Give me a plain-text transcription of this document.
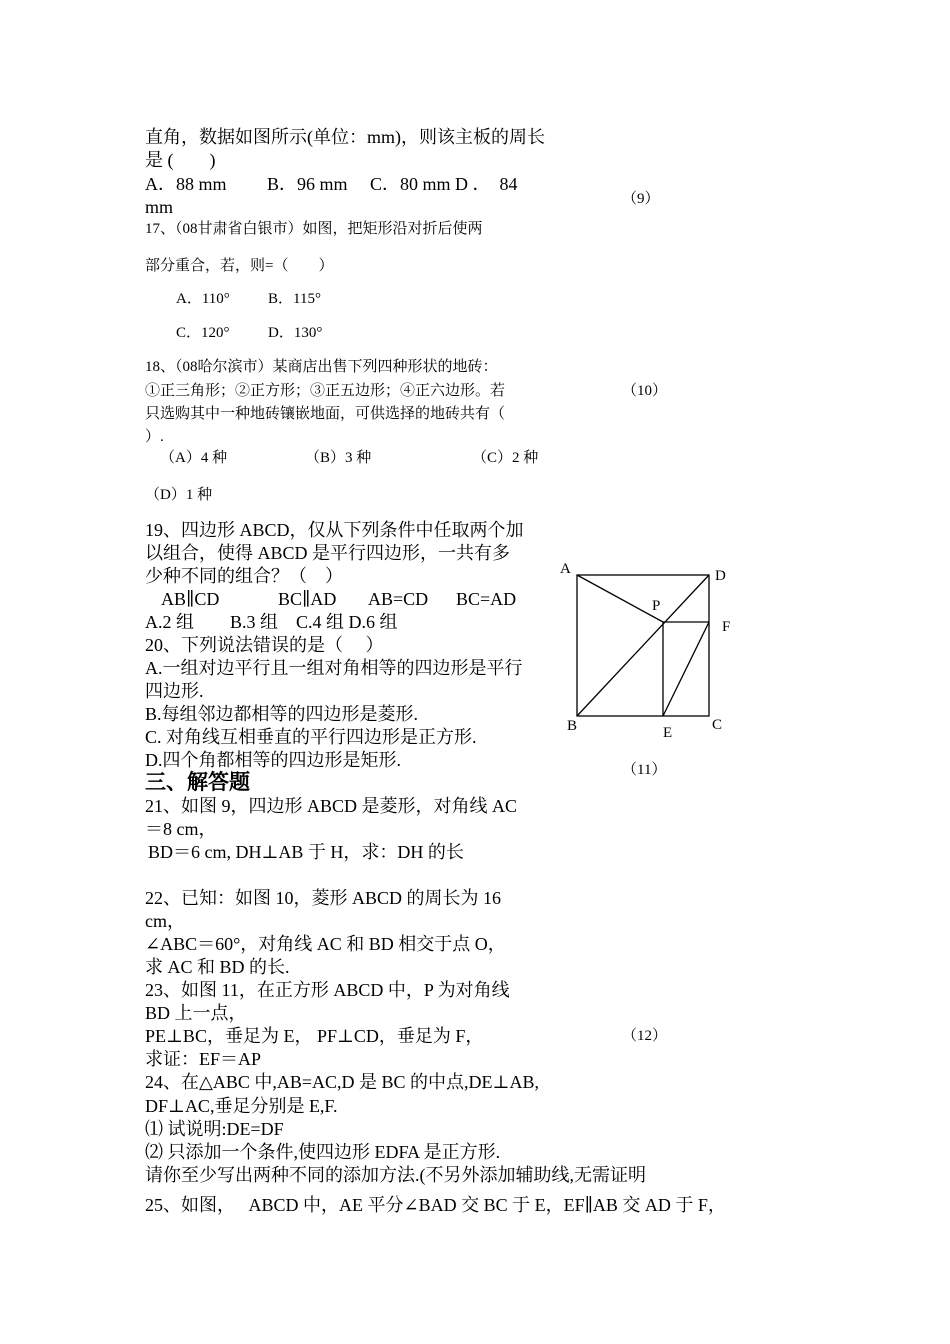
直角，数据如图所示(单位：mm)，则该主板的周长
是 (　　)
A．88 mm　　 B．96 mm　 C．80 mm D ．　84
mm	（9）
17、（08甘肃省白银市）如图，把矩形沿对折后使两
部分重合，若，则=（　　）
A．110°	B．115°
C．120°	D．130°
18、（08哈尔滨市）某商店出售下列四种形状的地砖：
①正三角形；②正方形；③正五边形；④正六边形。若
只选购其中一种地砖镶嵌地面，可供选择的地砖共有（
）.
（10）
（A）4 种	（B）3 种	（C）2 种
（D）1 种
19、四边形 ABCD，仅从下列条件中任取两个加
以组合，使得 ABCD 是平行四边形，一共有多
少种不同的组合？（　）
AB∥CD	BC∥AD AB=CD BC=AD
A.2 组　　B.3 组　C.4 组 D.6 组
20、下列说法错误的是（　 ）
A.一组对边平行且一组对角相等的四边形是平行
四边形.
B.每组邻边都相等的四边形是菱形.
C. 对角线互相垂直的平行四边形是正方形.
D.四个角都相等的四边形是矩形.
A	D
P
F
B	E	C
（11）
三、解答题
21、如图 9，四边形 ABCD 是菱形，对角线 AC
＝8 cm，
BD＝6 cm, DH⊥AB 于 H，求：DH 的长
22、已知：如图 10，菱形 ABCD 的周长为 16
cm，
∠ABC＝60°，对角线 AC 和 BD 相交于点 O，
求 AC 和 BD 的长.
23、如图 11，在正方形 ABCD 中，P 为对角线
BD 上一点，
PE⊥BC，垂足为 E， PF⊥CD，垂足为 F，
求证：EF＝AP
（12）
24、在△ABC 中,AB=AC,D 是 BC 的中点,DE⊥AB,
DF⊥AC,垂足分别是 E,F.
⑴ 试说明:DE=DF
⑵ 只添加一个条件,使四边形 EDFA 是正方形.
请你至少写出两种不同的添加方法.(不另外添加辅助线,无需证明
25、如图，　 ABCD 中，AE 平分∠BAD 交 BC 于 E，EF∥AB 交 AD 于 F，
